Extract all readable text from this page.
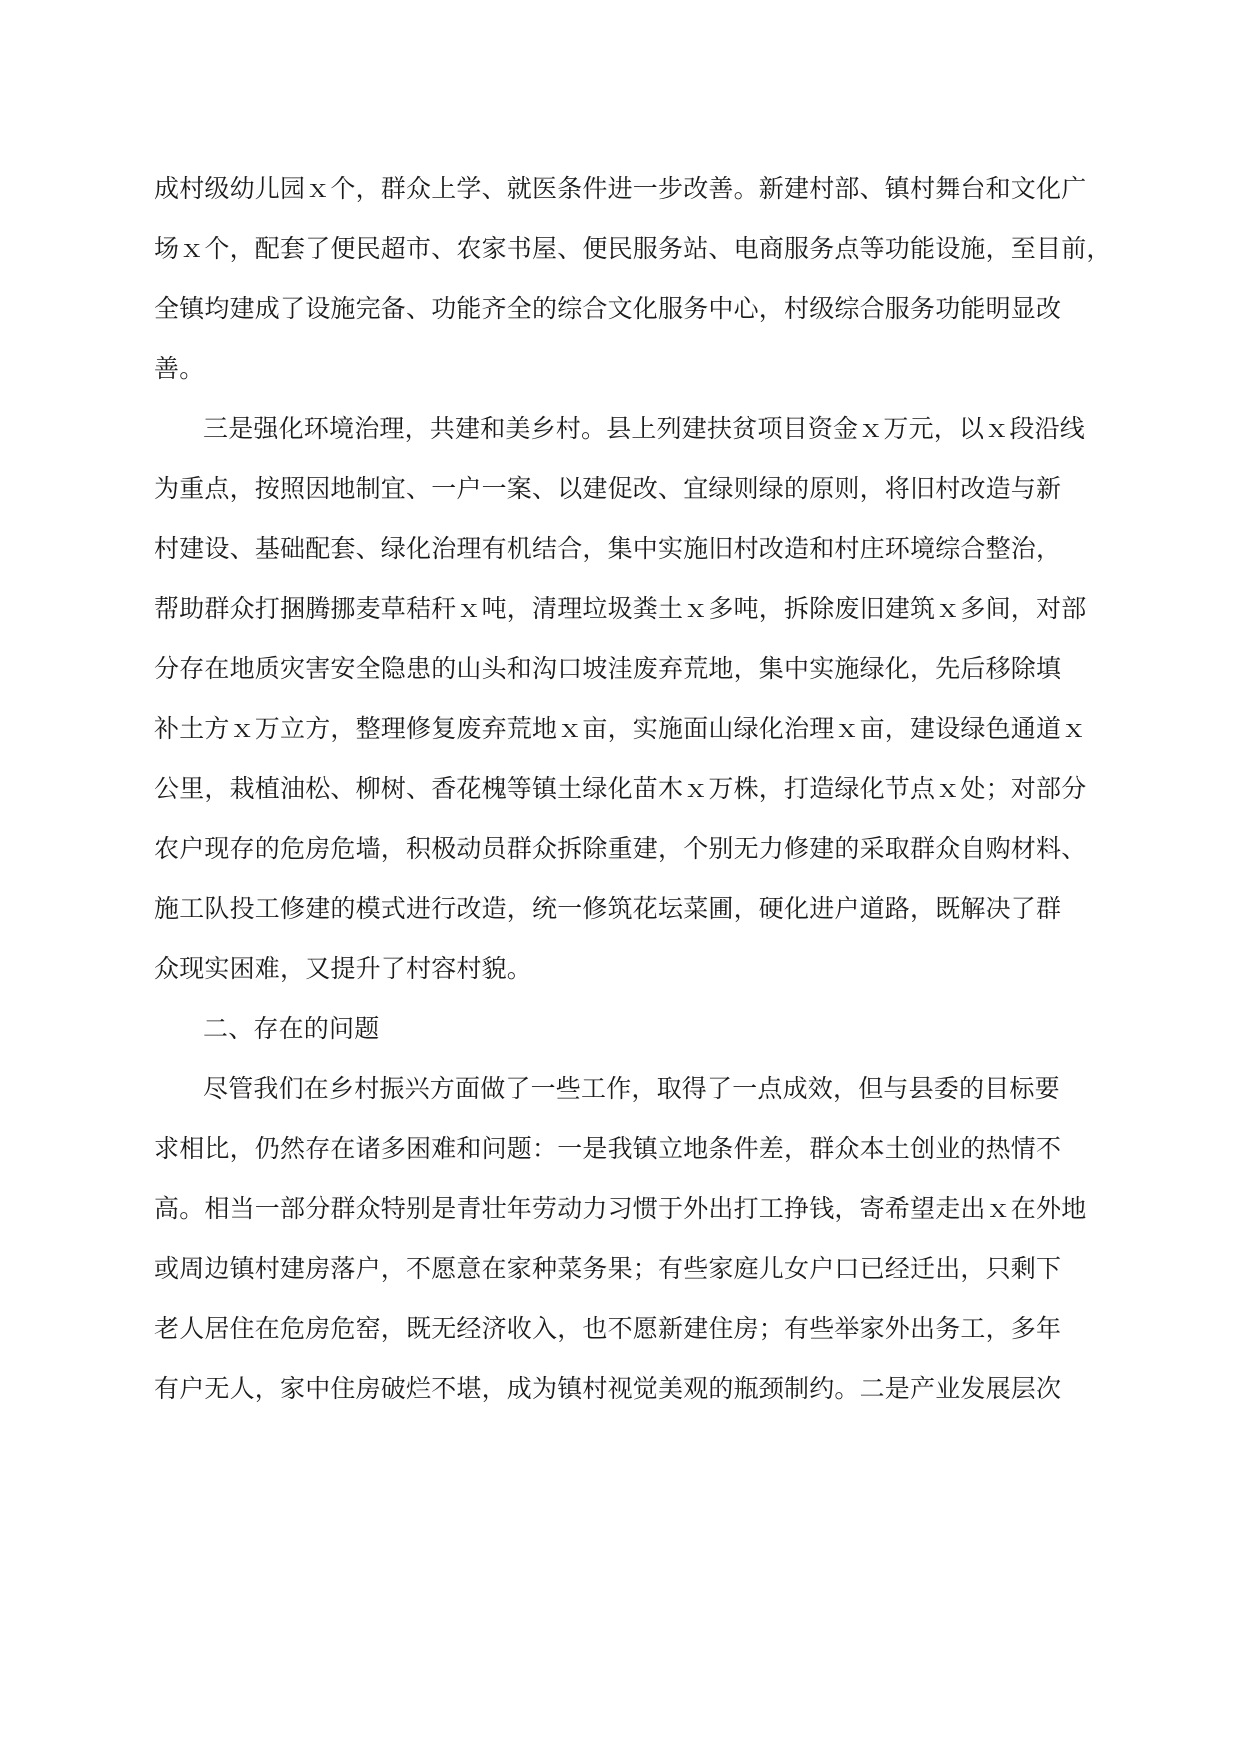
成村级幼儿园ｘ个，群众上学、就医条件进一步改善。新建村部、镇村舞台和文化广
场ｘ个，配套了便民超市、农家书屋、便民服务站、电商服务点等功能设施，至目前，
全镇均建成了设施完备、功能齐全的综合文化服务中心，村级综合服务功能明显改
善。
三是强化环境治理，共建和美乡村。县上列建扶贫项目资金ｘ万元，以ｘ段沿线
为重点，按照因地制宜、一户一案、以建促改、宜绿则绿的原则，将旧村改造与新
村建设、基础配套、绿化治理有机结合，集中实施旧村改造和村庄环境综合整治，
帮助群众打捆腾挪麦草秸秆ｘ吨，清理垃圾粪土ｘ多吨，拆除废旧建筑ｘ多间，对部
分存在地质灾害安全隐患的山头和沟口坡洼废弃荒地，集中实施绿化，先后移除填
补土方ｘ万立方，整理修复废弃荒地ｘ亩，实施面山绿化治理ｘ亩，建设绿色通道ｘ
公里，栽植油松、柳树、香花槐等镇土绿化苗木ｘ万株，打造绿化节点ｘ处；对部分
农户现存的危房危墙，积极动员群众拆除重建，个别无力修建的采取群众自购材料、
施工队投工修建的模式进行改造，统一修筑花坛菜圃，硬化进户道路，既解决了群
众现实困难，又提升了村容村貌。
二、存在的问题
尽管我们在乡村振兴方面做了一些工作，取得了一点成效，但与县委的目标要
求相比，仍然存在诸多困难和问题：一是我镇立地条件差，群众本土创业的热情不
高。相当一部分群众特别是青壮年劳动力习惯于外出打工挣钱，寄希望走出ｘ在外地
或周边镇村建房落户，不愿意在家种菜务果；有些家庭儿女户口已经迁出，只剩下
老人居住在危房危窑，既无经济收入，也不愿新建住房；有些举家外出务工，多年
有户无人，家中住房破烂不堪，成为镇村视觉美观的瓶颈制约。二是产业发展层次
